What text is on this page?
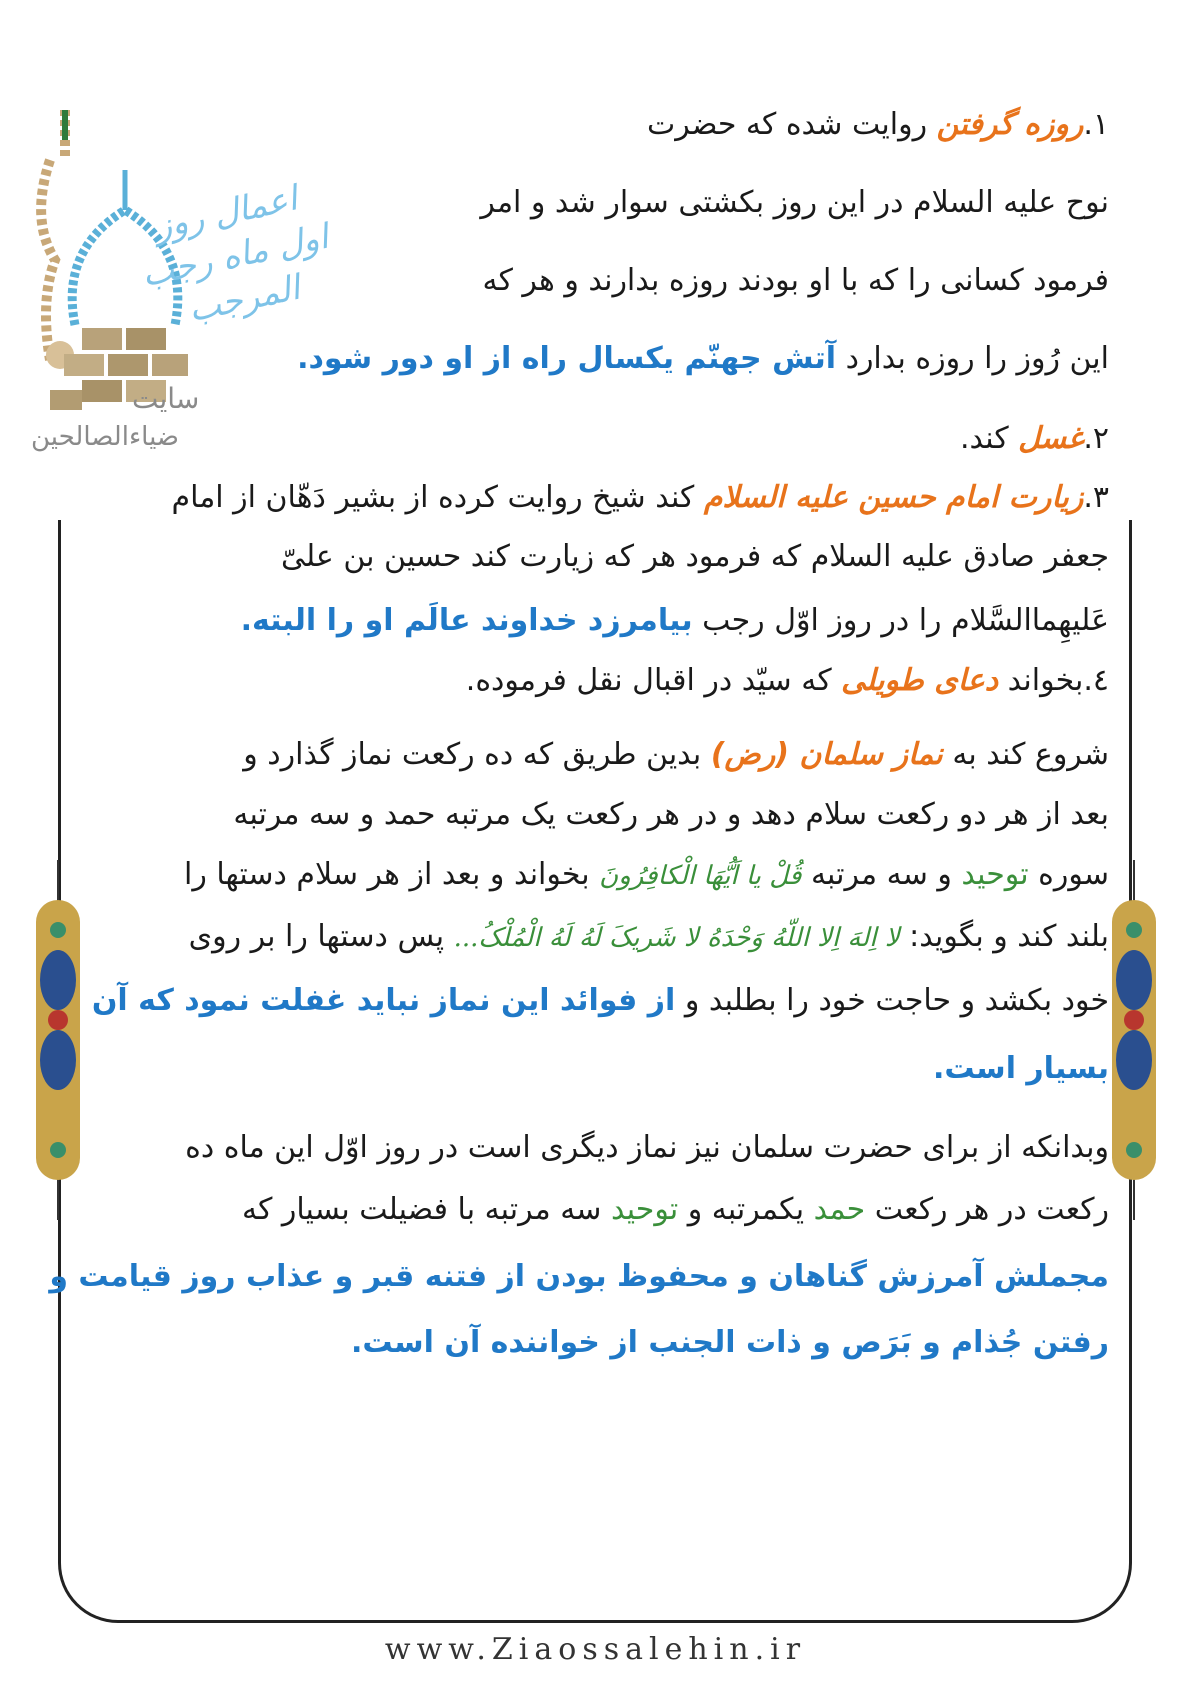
اعمال روز اول ماه رجب المرجب
سایت
ضیاءالصالحین
۱.روزه گرفتن روایت شده که حضرت
نوح علیه السلام در این روز بکشتی سوار شد و امر
فرمود کسانی را که با او بودند روزه بدارند و هر که
این رُوز را روزه بدارد آتش جهنّم یکسال راه از او دور شود.
۲.غسل کند.
۳.زیارت امام حسین علیه السلام کند شیخ روایت کرده از بشیر دَهّان از امام
جعفر صادق علیه السلام که فرمود هر که زیارت کند حسین بن علیّ
عَلیهِماالسَّلام را در روز اوّل رجب بیامرزد خداوند عالَم او را البته.
٤.بخواند دعای طویلی که سیّد در اقبال نقل فرموده.
شروع کند به نماز سلمان (رض) بدین طریق که ده رکعت نماز گذارد و
بعد از هر دو رکعت سلام دهد و در هر رکعت یک مرتبه حمد و سه مرتبه
سوره توحید و سه مرتبه قُلْ یا اَیُّهَا الْکافِرُونَ بخواند و بعد از هر سلام دستها را
بلند کند و بگوید: لا اِلهَ اِلا اللّهُ وَحْدَهُ لا شَریکَ لَهُ لَهُ الْمُلْکُ... پس دستها را بر روی
خود بکشد و حاجت خود را بطلبد و از فوائد این نماز نباید غفلت نمود که آن
بسیار است.
وبدانکه از برای حضرت سلمان نیز نماز دیگری است در روز اوّل این ماه ده
رکعت در هر رکعت حمد یکمرتبه و توحید سه مرتبه با فضیلت بسیار که
مجملش آمرزش گناهان و محفوظ بودن از فتنه قبر و عذاب روز قیامت و
رفتن جُذام و بَرَص و ذات الجنب از خواننده آن است.
www.Ziaossalehin.ir
